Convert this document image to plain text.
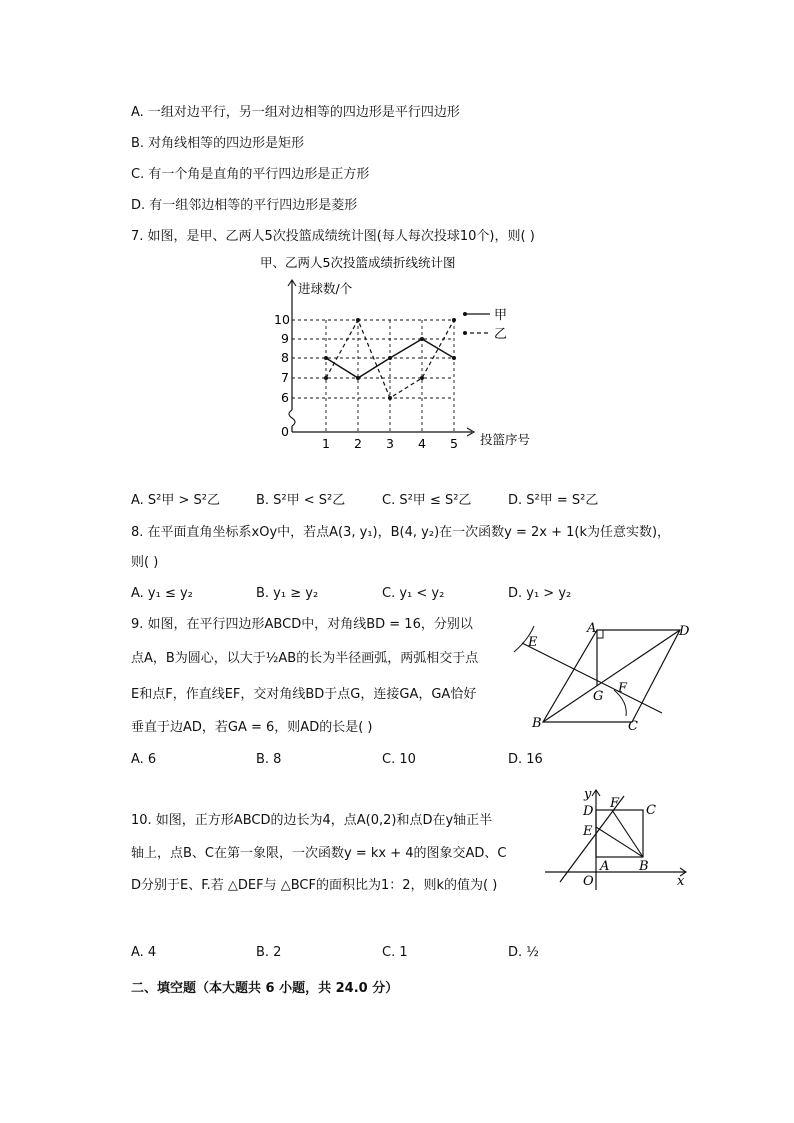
A. 一组对边平行，另一组对边相等的四边形是平行四边形
B. 对角线相等的四边形是矩形
C. 有一个角是直角的平行四边形是正方形
D. 有一组邻边相等的平行四边形是菱形
7. 如图，是甲、乙两人5次投篮成绩统计图(每人每次投球10个)，则( )
甲、乙两人5次投篮成绩折线统计图
进球数/个
投篮序号
0
6
7
8
9
10
1 2 3 4 5
甲
乙
A. S²甲 > S²乙	B. S²甲 < S²乙	C. S²甲 ≤ S²乙	D. S²甲 = S²乙
8. 在平面直角坐标系xOy中，若点A(3, y₁)，B(4, y₂)在一次函数y = 2x + 1(k为任意实数)，
则( )
A. y₁ ≤ y₂	B. y₁ ≥ y₂	C. y₁ < y₂	D. y₁ > y₂
9. 如图，在平行四边形ABCD中，对角线BD = 16，分别以
点A，B为圆心，以大于½AB的长为半径画弧，两弧相交于点
E和点F，作直线EF，交对角线BD于点G，连接GA，GA恰好
垂直于边AD，若GA = 6，则AD的长是( )
A. 6	B. 8	C. 10	D. 16
A	D
B	C
E
F
G
10. 如图，正方形ABCD的边长为4，点A(0,2)和点D在y轴正半
轴上，点B、C在第一象限，一次函数y = kx + 4的图象交AD、C
D分别于E、F.若 △DEF与 △BCF的面积比为1：2，则k的值为( )
y
x
O
A B
C
D
E
F
A. 4	B. 2	C. 1	D. ½
二、填空题（本大题共 6 小题，共 24.0 分）
